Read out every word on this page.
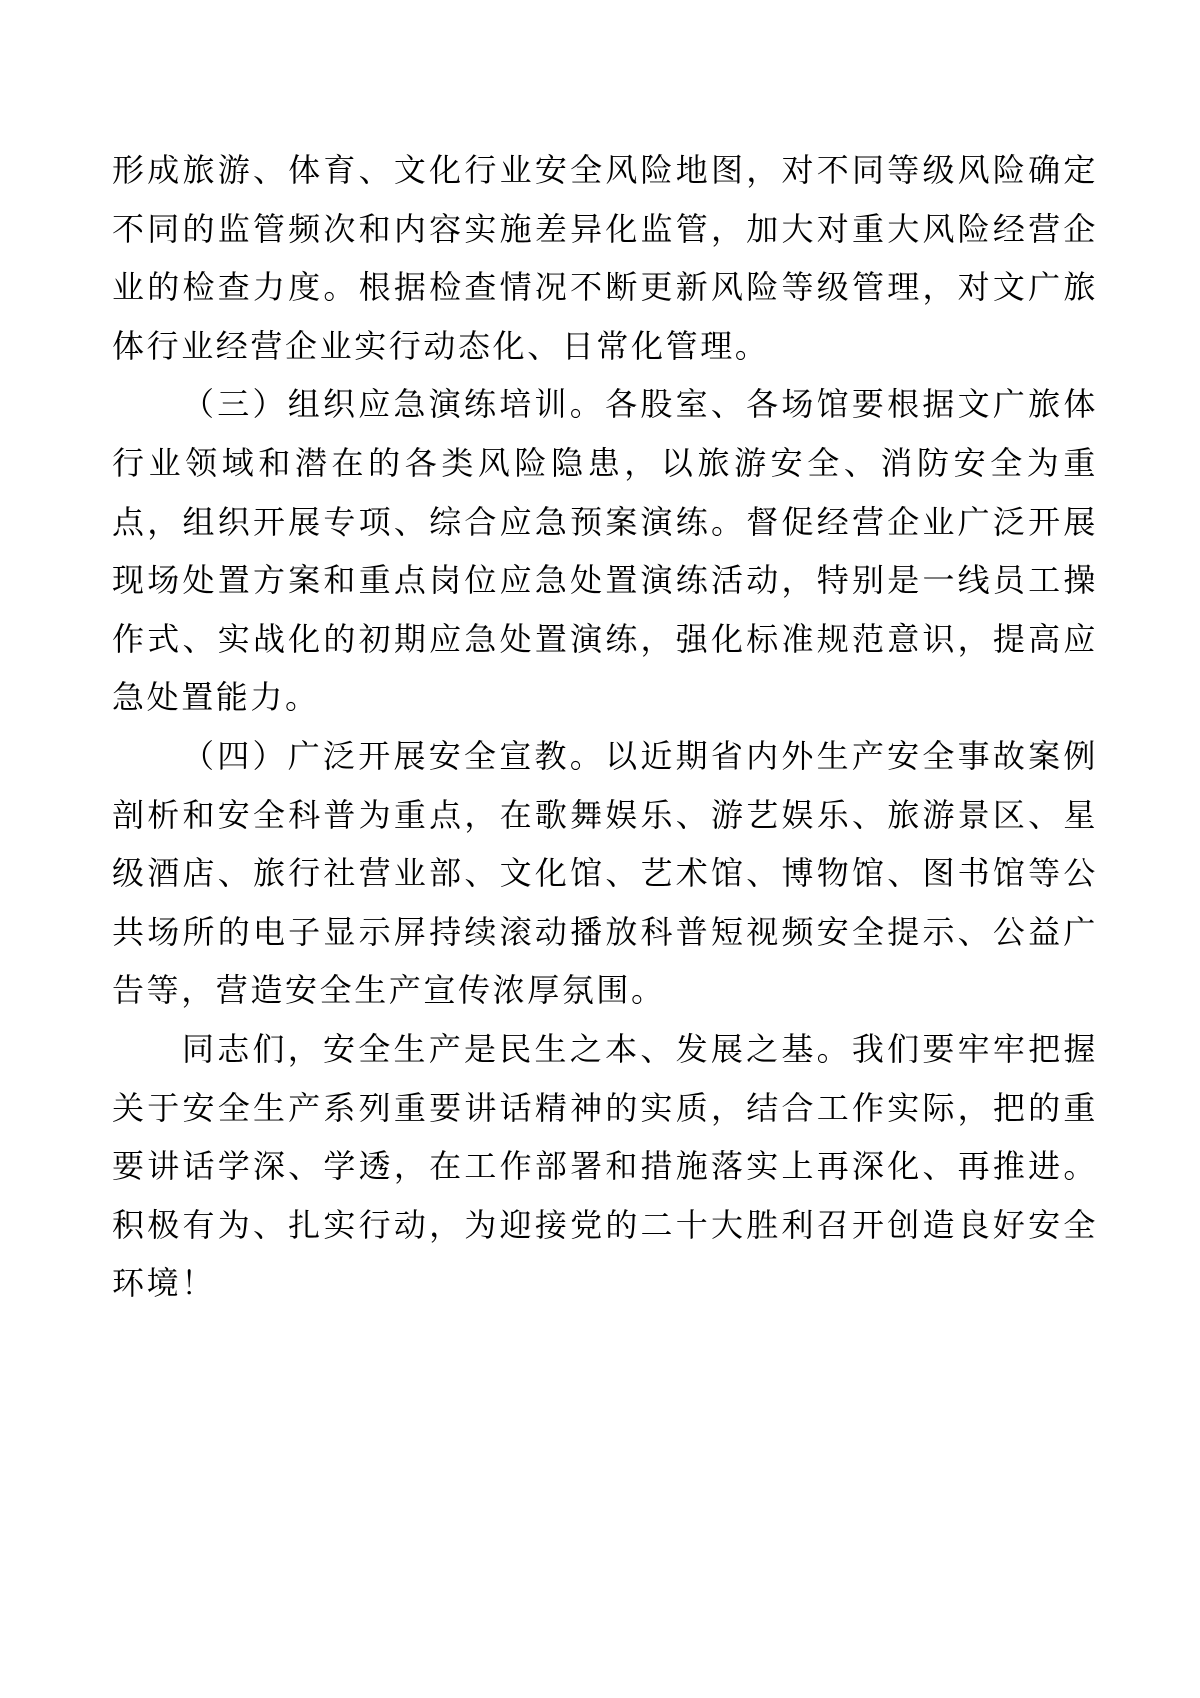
形成旅游、体育、文化行业安全风险地图，对不同等级风险确定不同的监管频次和内容实施差异化监管，加大对重大风险经营企业的检查力度。根据检查情况不断更新风险等级管理，对文广旅体行业经营企业实行动态化、日常化管理。

（三）组织应急演练培训。各股室、各场馆要根据文广旅体行业领域和潜在的各类风险隐患，以旅游安全、消防安全为重点，组织开展专项、综合应急预案演练。督促经营企业广泛开展现场处置方案和重点岗位应急处置演练活动，特别是一线员工操作式、实战化的初期应急处置演练，强化标准规范意识，提高应急处置能力。

（四）广泛开展安全宣教。以近期省内外生产安全事故案例剖析和安全科普为重点，在歌舞娱乐、游艺娱乐、旅游景区、星级酒店、旅行社营业部、文化馆、艺术馆、博物馆、图书馆等公共场所的电子显示屏持续滚动播放科普短视频安全提示、公益广告等，营造安全生产宣传浓厚氛围。

同志们，安全生产是民生之本、发展之基。我们要牢牢把握关于安全生产系列重要讲话精神的实质，结合工作实际，把的重要讲话学深、学透，在工作部署和措施落实上再深化、再推进。积极有为、扎实行动，为迎接党的二十大胜利召开创造良好安全环境！
